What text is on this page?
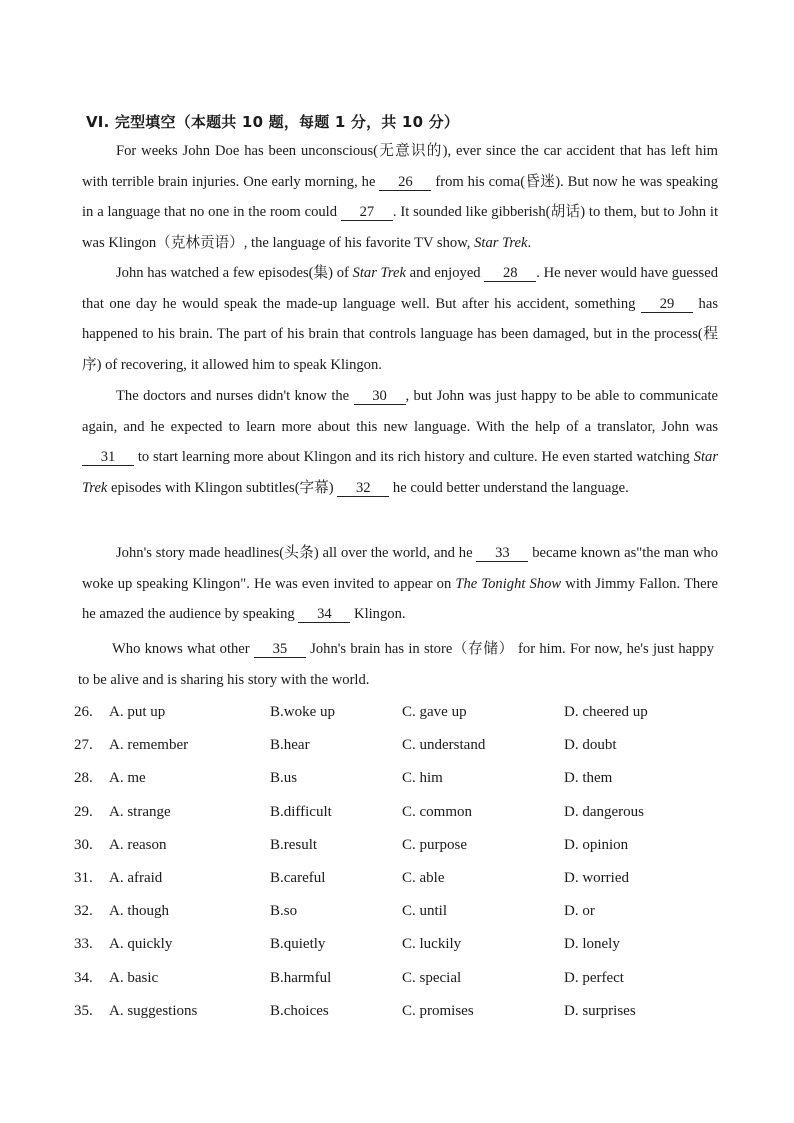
VI. 完型填空（本题共 10 题，每题 1 分，共 10 分）
For weeks John Doe has been unconscious(无意识的), ever since the car accident that has left him with terrible brain injuries. One early morning, he 26 from his coma(昏迷). But now he was speaking in a language that no one in the room could 27 . It sounded like gibberish(胡话) to them, but to John it was Klingon（克林贡语）, the language of his favorite TV show, Star Trek.
John has watched a few episodes(集) of Star Trek and enjoyed 28 . He never would have guessed that one day he would speak the made-up language well. But after his accident, something 29 has happened to his brain. The part of his brain that controls language has been damaged, but in the process(程序) of recovering, it allowed him to speak Klingon.
The doctors and nurses didn't know the 30 , but John was just happy to be able to communicate again, and he expected to learn more about this new language. With the help of a translator, John was 31 to start learning more about Klingon and its rich history and culture. He even started watching Star Trek episodes with Klingon subtitles(字幕) 32 he could better understand the language.
John's story made headlines(头条) all over the world, and he 33 became known as"the man who woke up speaking Klingon". He was even invited to appear on The Tonight Show with Jimmy Fallon. There he amazed the audience by speaking 34 Klingon.
Who knows what other 35 John's brain has in store（存储） for him. For now, he's just happy to be alive and is sharing his story with the world.
26. A. put up	B.woke up	C. gave up	D. cheered up
27. A. remember	B.hear	C. understand	D. doubt
28. A. me	B.us	C. him	D. them
29. A. strange	B.difficult	C. common	D. dangerous
30. A. reason	B.result	C. purpose	D. opinion
31. A. afraid	B.careful	C. able	D. worried
32. A. though	B.so	C. until	D. or
33. A. quickly	B.quietly	C. luckily	D. lonely
34. A. basic	B.harmful	C. special	D. perfect
35. A. suggestions	B.choices	C. promises	D. surprises
